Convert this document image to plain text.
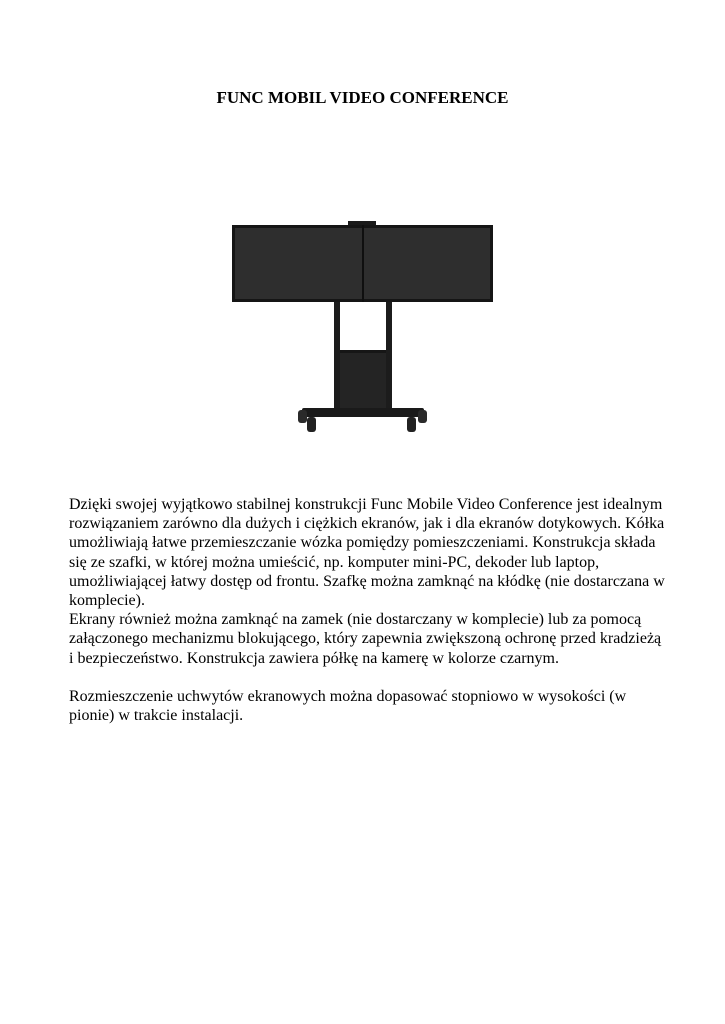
FUNC MOBIL VIDEO CONFERENCE

Dzięki swojej wyjątkowo stabilnej konstrukcji Func Mobile Video Conference jest idealnym rozwiązaniem zarówno dla dużych i ciężkich ekranów, jak i dla ekranów dotykowych. Kółka umożliwiają łatwe przemieszczanie wózka pomiędzy pomieszczeniami. Konstrukcja składa się ze szafki, w której można umieścić, np. komputer mini-PC, dekoder lub laptop, umożliwiającej łatwy dostęp od frontu. Szafkę można zamknąć na kłódkę (nie dostarczana w komplecie).

Ekrany również można zamknąć na zamek (nie dostarczany w komplecie) lub za pomocą załączonego mechanizmu blokującego, który zapewnia zwiększoną ochronę przed kradzieżą i bezpieczeństwo. Konstrukcja zawiera półkę na kamerę w kolorze czarnym.

Rozmieszczenie uchwytów ekranowych można dopasować stopniowo w wysokości (w pionie) w trakcie instalacji.
